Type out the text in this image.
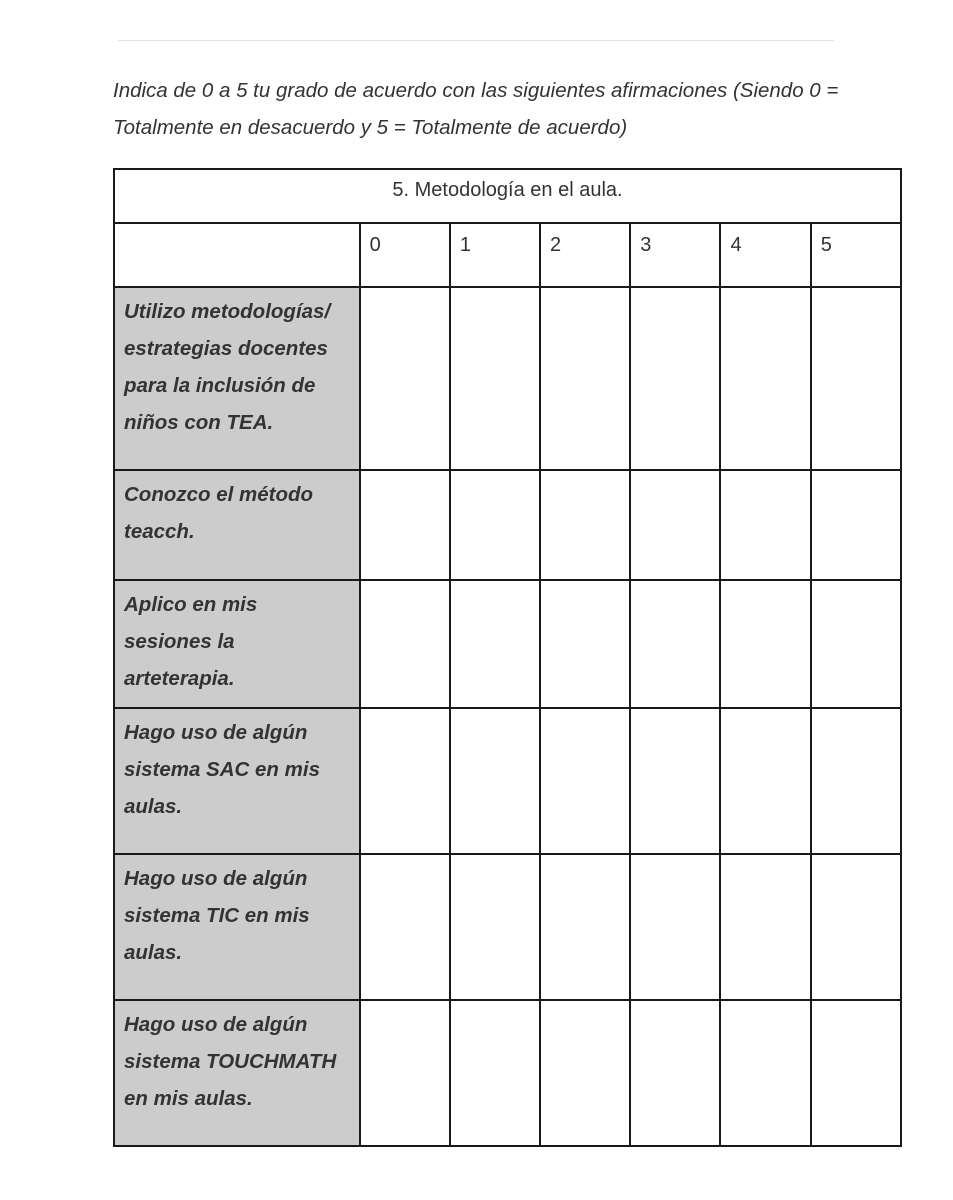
Indica de 0 a 5 tu grado de acuerdo con las siguientes afirmaciones (Siendo 0 = Totalmente en desacuerdo y 5 = Totalmente de acuerdo)

5. Metodología en el aula.						
	0	1	2	3	4	5
Utilizo metodologías/ estrategias docentes para la inclusión de niños con TEA.						
Conozco el método teacch.						
Aplico en mis sesiones la arteterapia.						
Hago uso de algún sistema SAC en mis aulas.						
Hago uso de algún sistema TIC en mis aulas.						
Hago uso de algún sistema TOUCHMATH en mis aulas.						
